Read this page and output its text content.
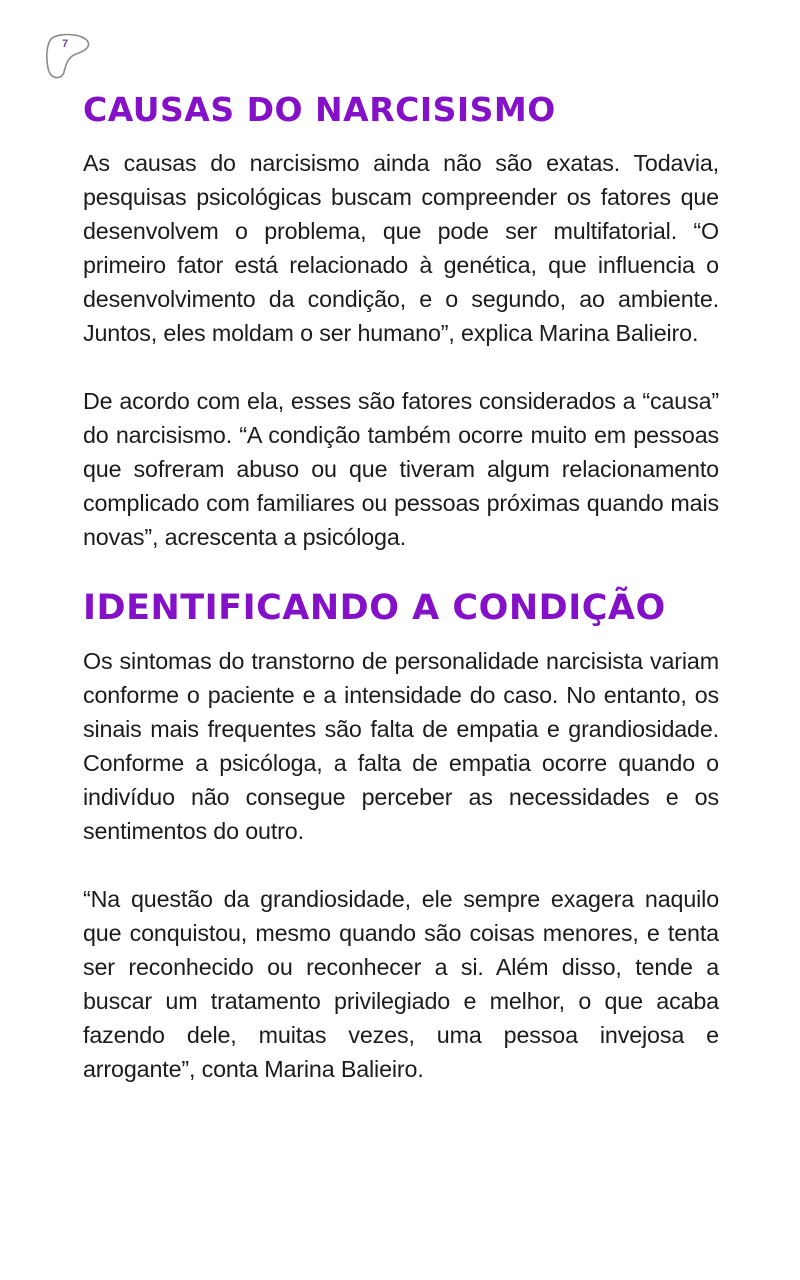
7
CAUSAS DO NARCISISMO

As causas do narcisismo ainda não são exatas. Todavia, pesquisas psicológicas buscam compreender os fatores que desenvolvem o problema, que pode ser multifatorial. “O primeiro fator está relacionado à genética, que influencia o desenvolvimento da condição, e o segundo, ao ambiente. Juntos, eles moldam o ser humano”, explica Marina Balieiro.

De acordo com ela, esses são fatores considerados a “causa” do narcisismo. “A condição também ocorre muito em pessoas que sofreram abuso ou que tiveram algum relacionamento complicado com familiares ou pessoas próximas quando mais novas”, acrescenta a psicóloga.

IDENTIFICANDO A CONDIÇÃO

Os sintomas do transtorno de personalidade narcisista variam conforme o paciente e a intensidade do caso. No entanto, os sinais mais frequentes são falta de empatia e grandiosidade. Conforme a psicóloga, a falta de empatia ocorre quando o indivíduo não consegue perceber as necessidades e os sentimentos do outro.

“Na questão da grandiosidade, ele sempre exagera naquilo que conquistou, mesmo quando são coisas menores, e tenta ser reconhecido ou reconhecer a si. Além disso, tende a buscar um tratamento privilegiado e melhor, o que acaba fazendo dele, muitas vezes, uma pessoa invejosa e arrogante”, conta Marina Balieiro.
